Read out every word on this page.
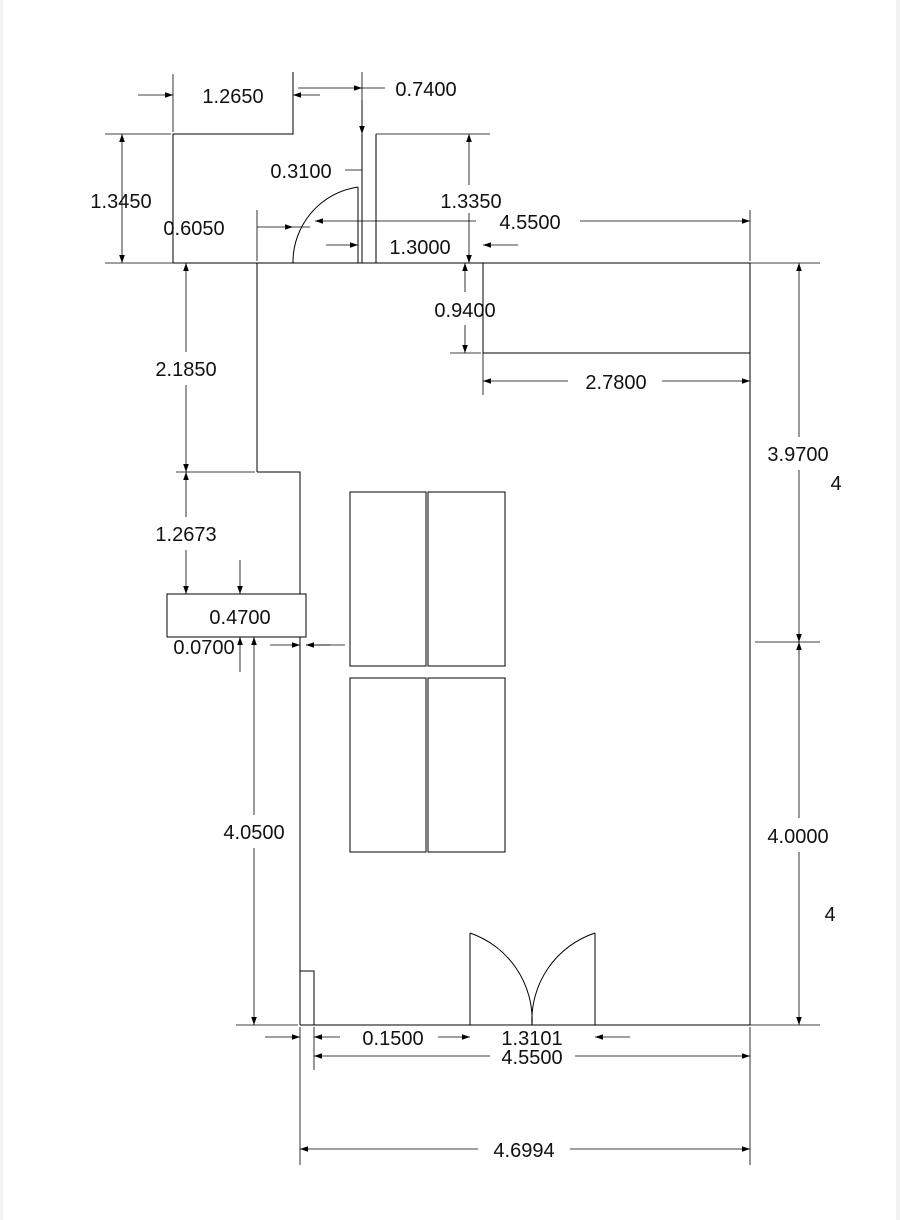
1.2650	0.7400
0.3100
1.3450
0.6050
1.3350
4.5500
1.3000
0.9400
2.7800
2.1850
3.9700
1.2673
0.4700
0.0700
4.0500	4.0000
0.1500	1.3101
4.5500
4.6994
4
4
